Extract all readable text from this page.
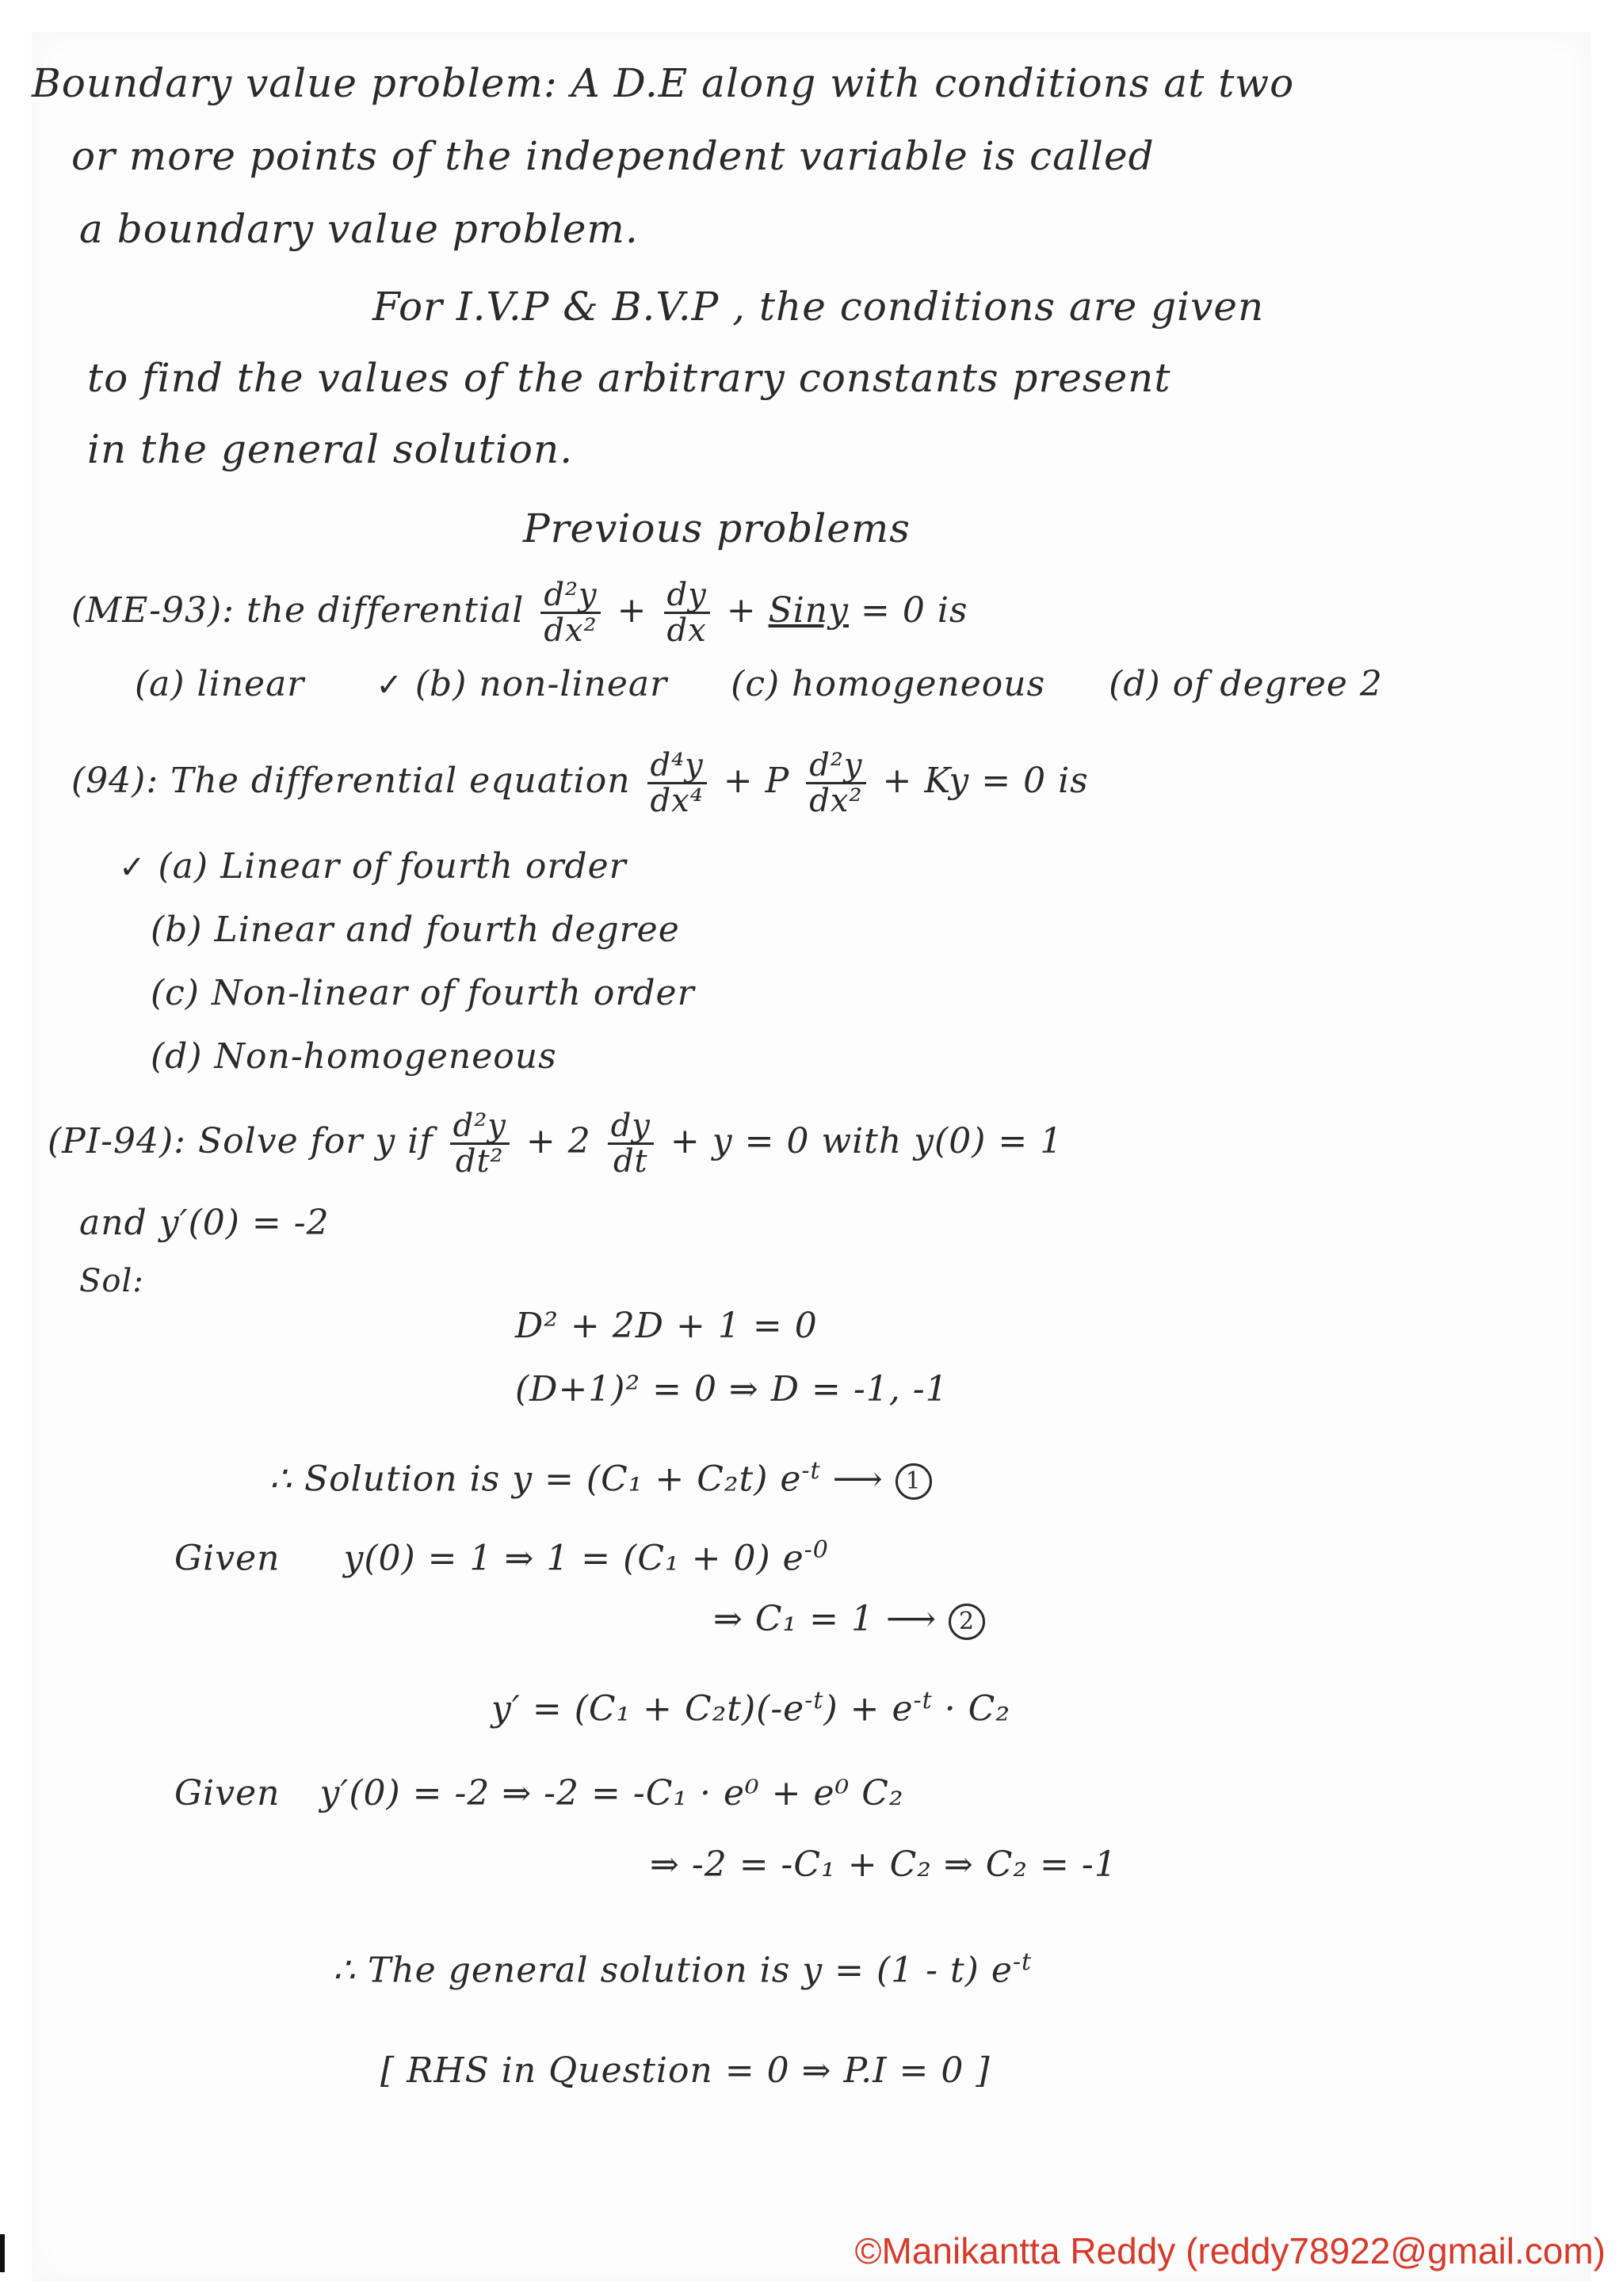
Boundary value problem: A D.E along with conditions at two
or more points of the independent variable is called
a boundary value problem.
For I.V.P & B.V.P , the conditions are given
to find the values of the arbitrary constants present
in the general solution.
Previous problems
(ME-93): the differential $\frac{\text{d²y}}{\text{dx²}} + \frac{dy}{dx}$ + Siny = 0 is
(a) linear ✓ (b) non-linear (c) homogeneous (d) of degree 2
(94): The differential equation $\frac{\text{d⁴y}}{\text{dx⁴}} + P \frac{\text{d²y}}{\text{dx²}} + Ky = 0$ is
✓ (a) Linear of fourth order
(b) Linear and fourth degree
(c) Non-linear of fourth order
(d) Non-homogeneous
(PI-94): Solve for y if $\frac{\text{d²y}}{\text{dt²}} + 2 \frac{dy}{dt} + y = 0$ with y(0) = 1
and y′(0) = -2
Sol:
D² + 2D + 1 = 0
(D+1)² = 0 ⇒ D = -1, -1
∴ Solution is y = (C₁ + C₂t) $e^{-t}$ ⟶ 1
Given y(0) = 1 ⇒ 1 = (C₁ + 0) $e^{-0}$
⇒ C₁ = 1 ⟶ 2
$y' = (C_1 + C_2t)(-e^{-t}) + e^{-t} \cdot C_2$
Given y′(0) = -2 ⇒ -2 = -C₁ · e⁰ + e⁰ C₂
⇒ -2 = -C₁ + C₂ ⇒ C₂ = -1
∴ The general solution is y = (1 - t) $e^{-t}$
[ RHS in Question = 0 ⇒ P.I = 0 ]
©Manikantta Reddy (reddy78922@gmail.com)
